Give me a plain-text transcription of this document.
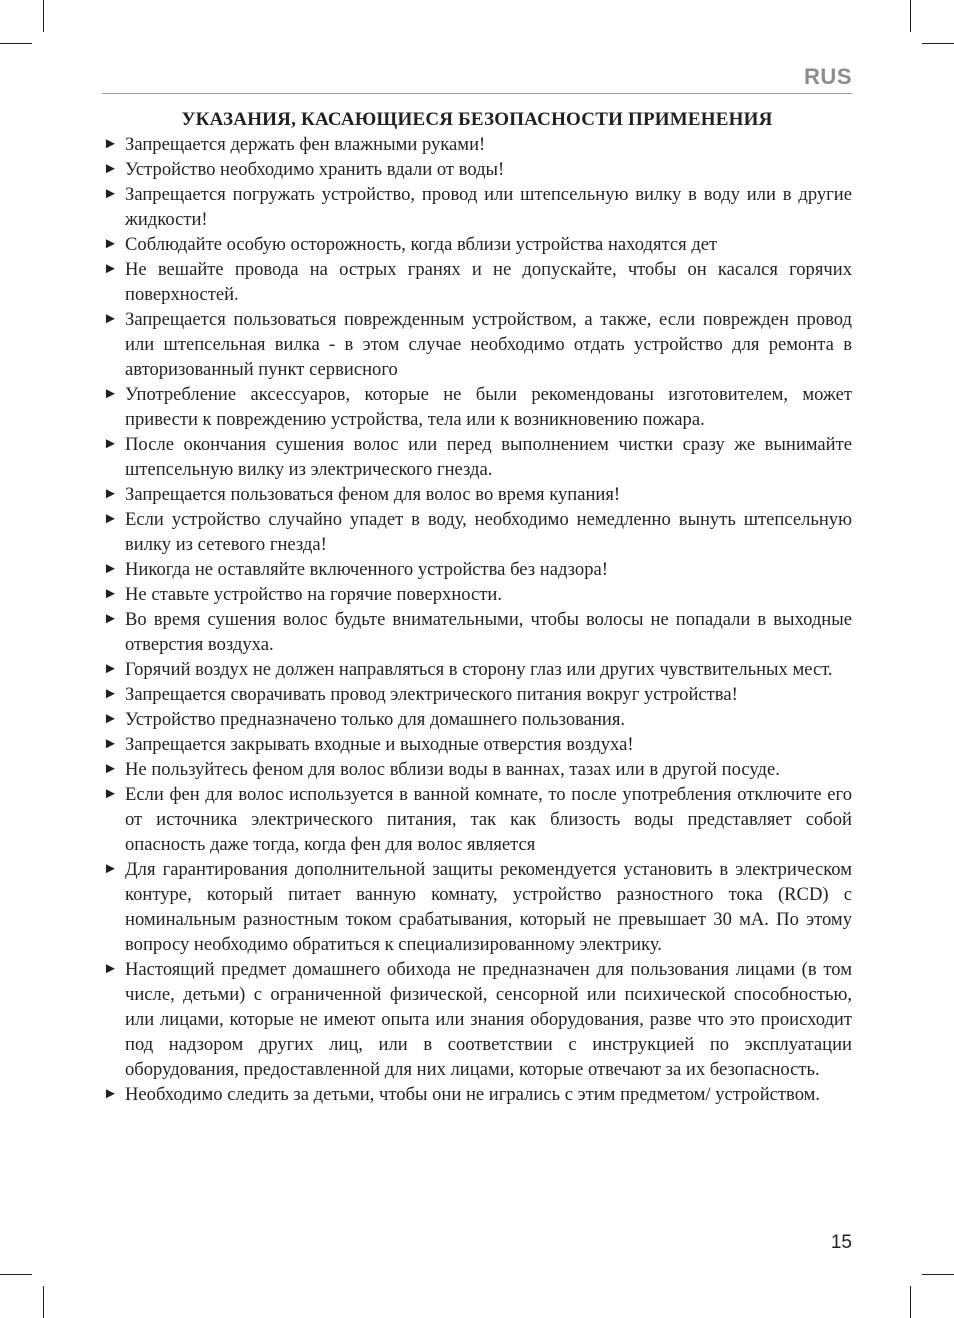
RUS
УКАЗАНИЯ, КАСАЮЩИЕСЯ БЕЗОПАСНОСТИ ПРИМЕНЕНИЯ
► Запрещается держать фен влажными руками!
► Устройство необходимо хранить вдали от воды!
► Запрещается погружать устройство, провод или штепсельную вилку в воду или в другие жидкости!
► Соблюдайте особую осторожность, когда вблизи устройства находятся дет
► Не вешайте провода на острых гранях и не допускайте, чтобы он касался горячих поверхностей.
► Запрещается пользоваться поврежденным устройством, а также, если поврежден провод или штепсельная вилка - в этом случае необходимо отдать устройство для ремонта в авторизованный пункт сервисного
► Употребление аксессуаров, которые не были рекомендованы изготовителем, может привести к повреждению устройства, тела или к возникновению пожара.
► После окончания сушения волос или перед выполнением чистки сразу же вынимайте штепсельную вилку из электрического гнезда.
► Запрещается пользоваться феном для волос во время купания!
► Если устройство случайно упадет в воду, необходимо немедленно вынуть штепсельную вилку из сетевого гнезда!
► Никогда не оставляйте включенного устройства без надзора!
► Не ставьте устройство на горячие поверхности.
► Во время сушения волос будьте внимательными, чтобы волосы не попадали в выходные отверстия воздуха.
► Горячий воздух не должен направляться в сторону глаз или других чувствительных мест.
► Запрещается сворачивать провод электрического питания вокруг устройства!
► Устройство предназначено только для домашнего пользования.
► Запрещается закрывать входные и выходные отверстия воздуха!
► Не пользуйтесь феном для волос вблизи воды в ваннах, тазах или в другой посуде.
► Если фен для волос используется в ванной комнате, то после употребления отключите его от источника электрического питания, так как близость воды представляет собой опасность даже тогда, когда фен для волос является
► Для гарантирования дополнительной защиты рекомендуется установить в электрическом контуре, который питает ванную комнату, устройство разностного тока (RCD) с номинальным разностным током срабатывания, который не превышает 30 мА. По этому вопросу необходимо обратиться к специализированному электрику.
► Настоящий предмет домашнего обихода не предназначен для пользования лицами (в том числе, детьми) с ограниченной физической, сенсорной или психической способностью, или лицами, которые не имеют опыта или знания оборудования, разве что это происходит под надзором других лиц, или в соответствии с инструкцией по эксплуатации оборудования, предоставленной для них лицами, которые отвечают за их безопасность.
► Необходимо следить за детьми, чтобы они не игрались с этим предметом/ устройством.
15
